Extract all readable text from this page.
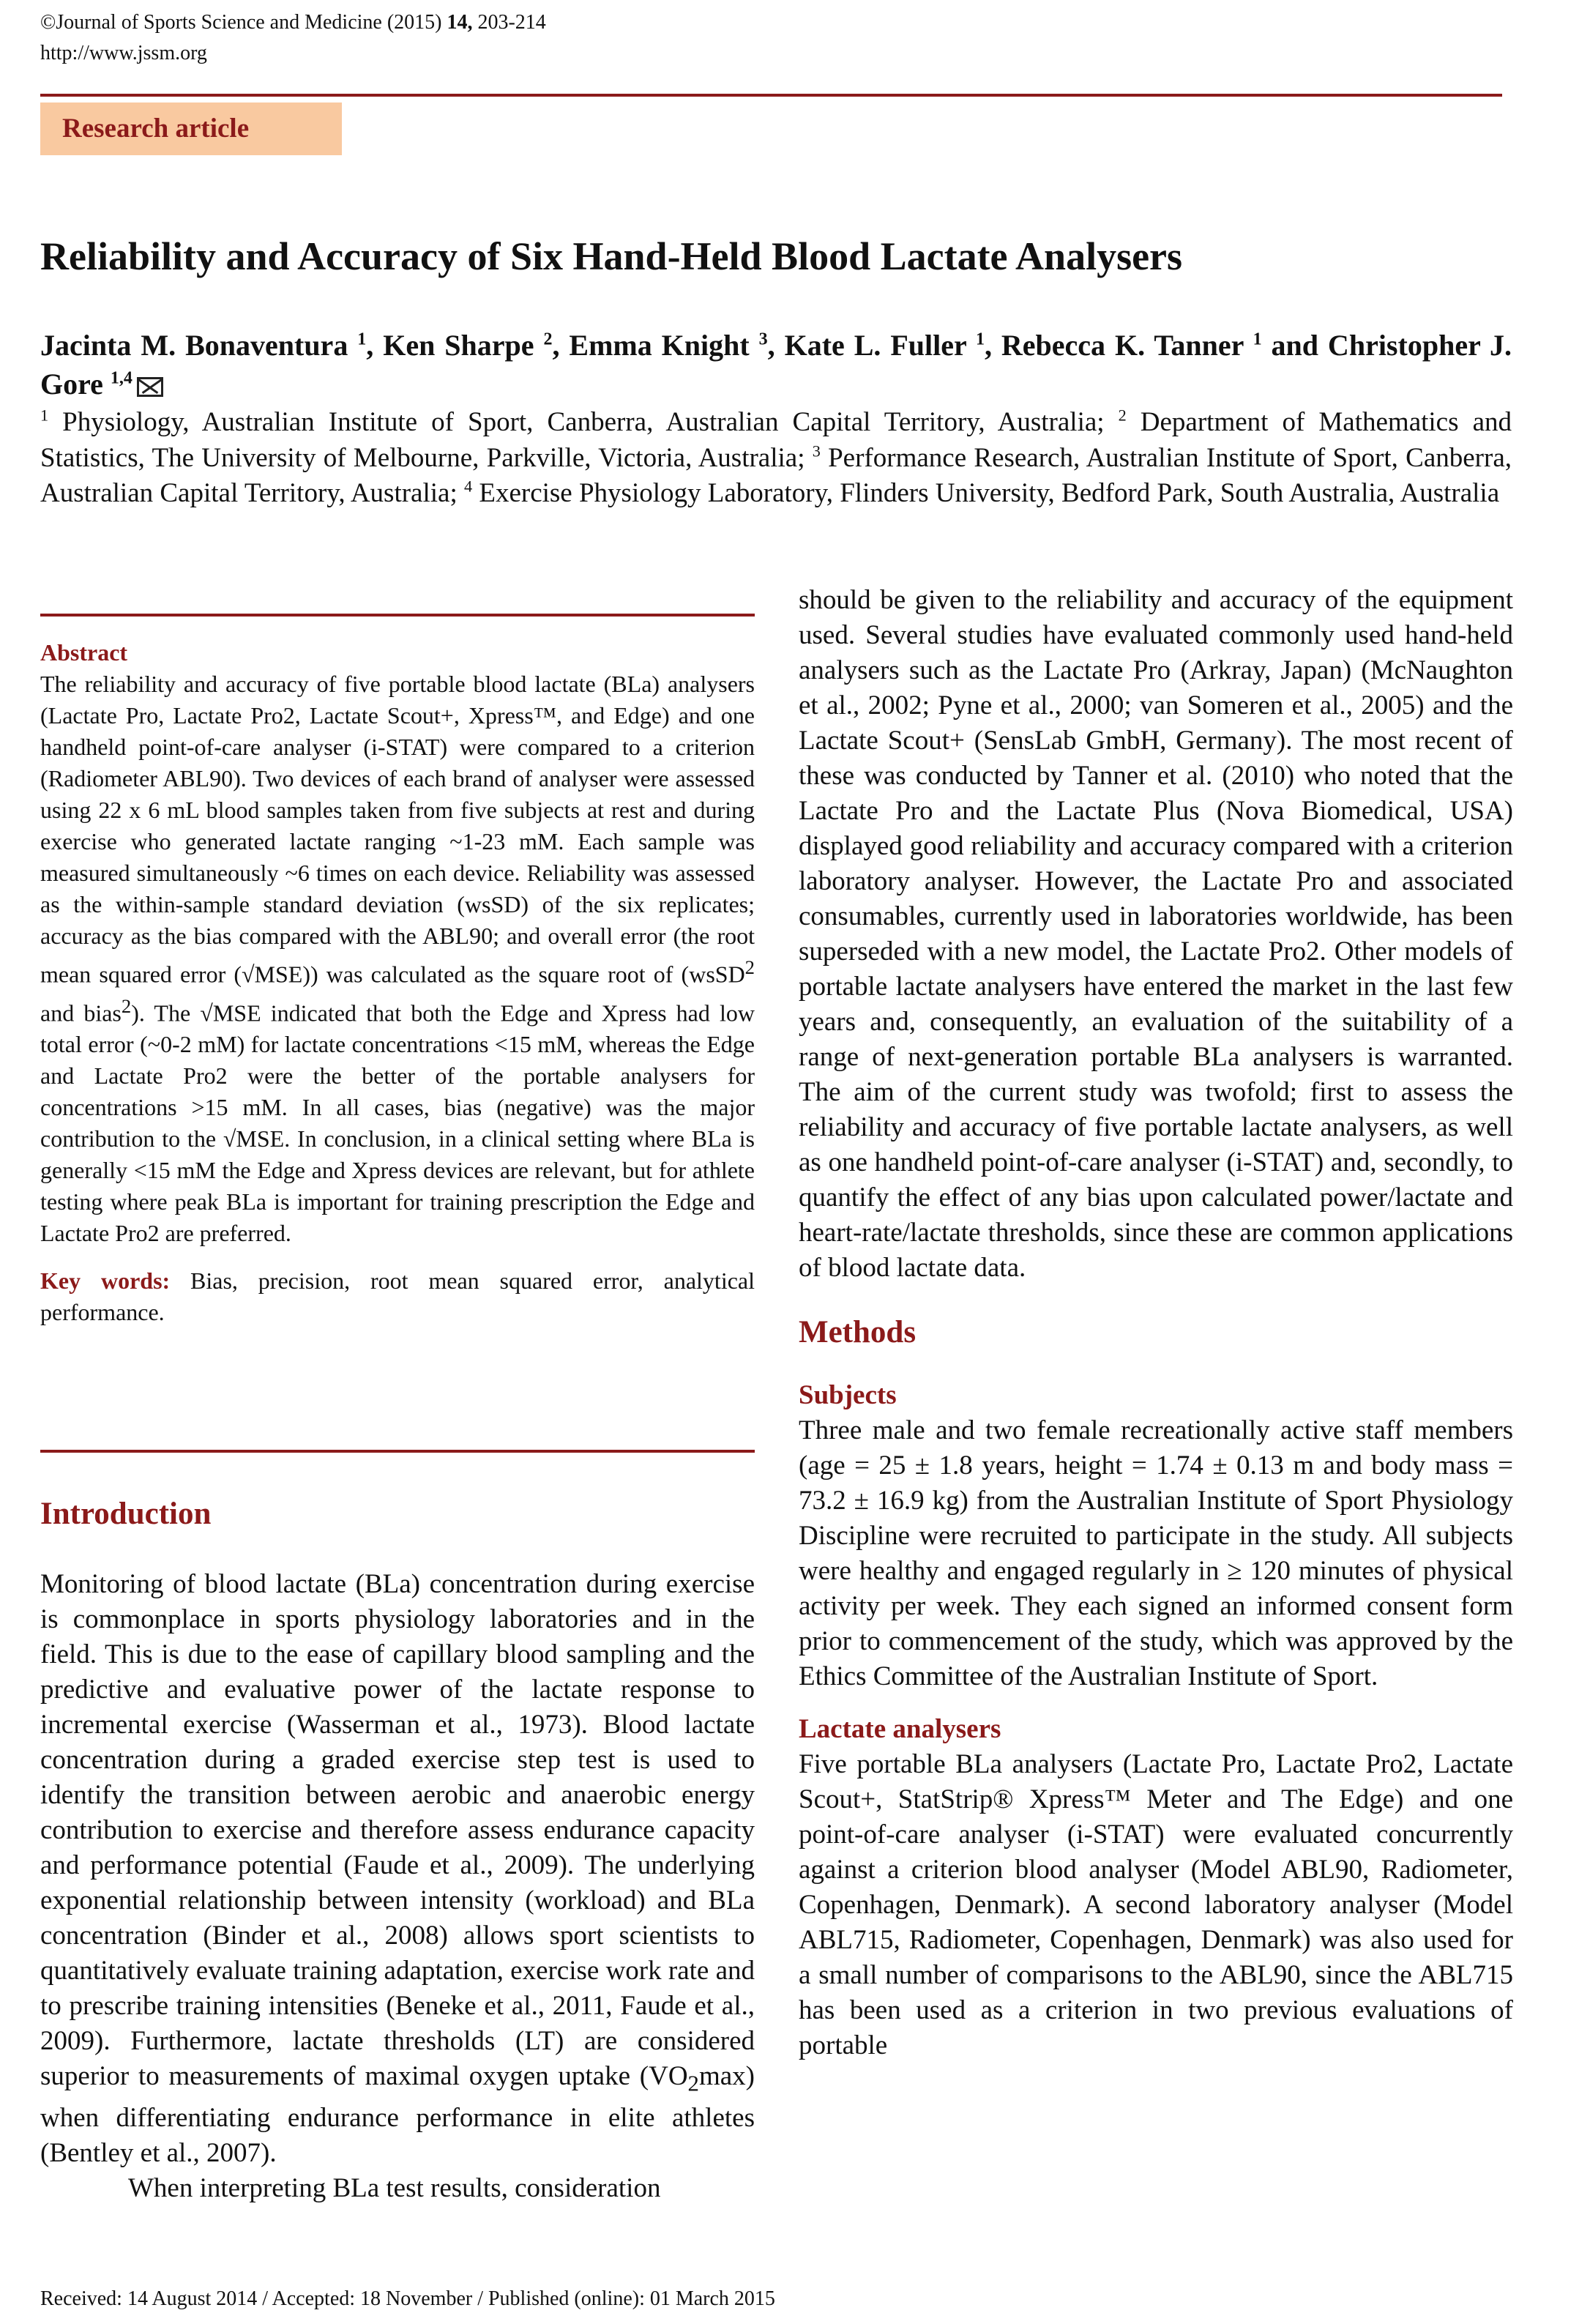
©Journal of Sports Science and Medicine (2015) 14, 203-214
http://www.jssm.org
Research article
Reliability and Accuracy of Six Hand-Held Blood Lactate Analysers
Jacinta M. Bonaventura $^1$, Ken Sharpe $^2$, Emma Knight $^3$, Kate L. Fuller $^1$, Rebecca K. Tanner $^1$ and Christopher J. Gore $^{1,4}$
$^1$ Physiology, Australian Institute of Sport, Canberra, Australian Capital Territory, Australia; $^2$ Department of Mathematics and Statistics, The University of Melbourne, Parkville, Victoria, Australia; $^3$ Performance Research, Australian Institute of Sport, Canberra, Australian Capital Territory, Australia; $^4$ Exercise Physiology Laboratory, Flinders University, Bedford Park, South Australia, Australia
Abstract

The reliability and accuracy of five portable blood lactate (BLa) analysers (Lactate Pro, Lactate Pro2, Lactate Scout+, Xpress™, and Edge) and one handheld point-of-care analyser (i-STAT) were compared to a criterion (Radiometer ABL90). Two devices of each brand of analyser were assessed using 22 x 6 mL blood samples taken from five subjects at rest and during exercise who generated lactate ranging ~1-23 mM. Each sample was measured simultaneously ~6 times on each device. Reliability was assessed as the within-sample standard deviation (wsSD) of the six replicates; accuracy as the bias compared with the ABL90; and overall error (the root mean squared error (√MSE)) was calculated as the square root of (wsSD$^2$ and bias$^2$). The √MSE indicated that both the Edge and Xpress had low total error (~0-2 mM) for lactate concentrations <15 mM, whereas the Edge and Lactate Pro2 were the better of the portable analysers for concentrations >15 mM. In all cases, bias (negative) was the major contribution to the √MSE. In conclusion, in a clinical setting where BLa is generally <15 mM the Edge and Xpress devices are relevant, but for athlete testing where peak BLa is important for training prescription the Edge and Lactate Pro2 are preferred.

Key words: Bias, precision, root mean squared error, analytical performance.

Introduction

Monitoring of blood lactate (BLa) concentration during exercise is commonplace in sports physiology laboratories and in the field. This is due to the ease of capillary blood sampling and the predictive and evaluative power of the lactate response to incremental exercise (Wasserman et al., 1973). Blood lactate concentration during a graded exercise step test is used to identify the transition between aerobic and anaerobic energy contribution to exercise and therefore assess endurance capacity and performance potential (Faude et al., 2009). The underlying exponential relationship between intensity (workload) and BLa concentration (Binder et al., 2008) allows sport scientists to quantitatively evaluate training adaptation, exercise work rate and to prescribe training intensities (Beneke et al., 2011, Faude et al., 2009). Furthermore, lactate thresholds (LT) are considered superior to measurements of maximal oxygen uptake $(VO_2\max)$ when differentiating endurance performance in elite athletes (Bentley et al., 2007).

When interpreting BLa test results, consideration

should be given to the reliability and accuracy of the equipment used. Several studies have evaluated commonly used hand-held analysers such as the Lactate Pro (Arkray, Japan) (McNaughton et al., 2002; Pyne et al., 2000; van Someren et al., 2005) and the Lactate Scout+ (SensLab GmbH, Germany). The most recent of these was conducted by Tanner et al. (2010) who noted that the Lactate Pro and the Lactate Plus (Nova Biomedical, USA) displayed good reliability and accuracy compared with a criterion laboratory analyser. However, the Lactate Pro and associated consumables, currently used in laboratories worldwide, has been superseded with a new model, the Lactate Pro2. Other models of portable lactate analysers have entered the market in the last few years and, consequently, an evaluation of the suitability of a range of next-generation portable BLa analysers is warranted. The aim of the current study was twofold; first to assess the reliability and accuracy of five portable lactate analysers, as well as one handheld point-of-care analyser (i-STAT) and, secondly, to quantify the effect of any bias upon calculated power/lactate and heart-rate/lactate thresholds, since these are common applications of blood lactate data.

Methods
Subjects

Three male and two female recreationally active staff members (age = 25 ± 1.8 years, height = 1.74 ± 0.13 m and body mass = 73.2 ± 16.9 kg) from the Australian Institute of Sport Physiology Discipline were recruited to participate in the study. All subjects were healthy and engaged regularly in ≥ 120 minutes of physical activity per week. They each signed an informed consent form prior to commencement of the study, which was approved by the Ethics Committee of the Australian Institute of Sport.

Lactate analysers

Five portable BLa analysers (Lactate Pro, Lactate Pro2, Lactate Scout+, StatStrip® Xpress™ Meter and The Edge) and one point-of-care analyser (i-STAT) were evaluated concurrently against a criterion blood analyser (Model ABL90, Radiometer, Copenhagen, Denmark). A second laboratory analyser (Model ABL715, Radiometer, Copenhagen, Denmark) was also used for a small number of comparisons to the ABL90, since the ABL715 has been used as a criterion in two previous evaluations of portable

Received: 14 August 2014 / Accepted: 18 November / Published (online): 01 March 2015
